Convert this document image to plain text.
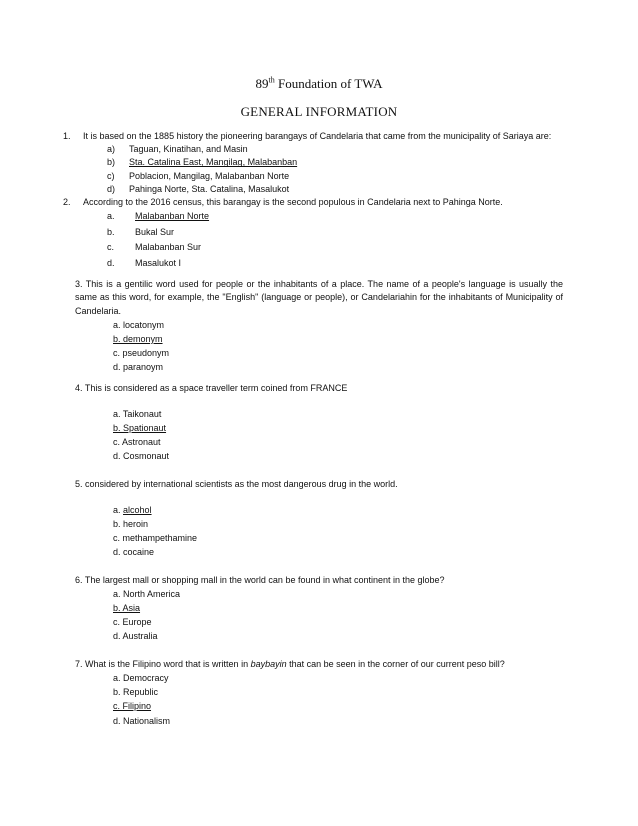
89th Foundation of TWA
GENERAL INFORMATION
1.	It is based on the 1885 history the pioneering barangays of Candelaria that came from the municipality of Sariaya are:
a)	Taguan, Kinatihan, and Masin
b)	Sta. Catalina East, Mangilag, Malabanban
c)	Poblacion, Mangilag, Malabanban Norte
d)	Pahinga Norte, Sta. Catalina, Masalukot
2.	According to the 2016 census, this barangay is the second populous in Candelaria next to Pahinga Norte.
a.	Malabanban Norte
b.	Bukal Sur
c.	Malabanban Sur
d.	Masalukot I
3. This is a gentilic word used for people or the inhabitants of a place. The name of a people's language is usually the same as this word, for example, the "English" (language or people), or Candelariahin for the inhabitants of Municipality of Candelaria.
a. locatonym
b. demonym
c. pseudonym
d. paranoym
4. This is considered as a space traveller term coined from FRANCE
a. Taikonaut
b. Spationaut
c. Astronaut
d. Cosmonaut
5. considered by international scientists as the most dangerous drug in the world.
a. alcohol
b. heroin
c. methampethamine
d. cocaine
6. The largest mall or shopping mall in the world can be found in what continent in the globe?
a. North America
b. Asia
c. Europe
d. Australia
7. What is the Filipino word that is written in baybayin that can be seen in the corner of our current peso bill?
a. Democracy
b. Republic
c. Filipino
d. Nationalism
